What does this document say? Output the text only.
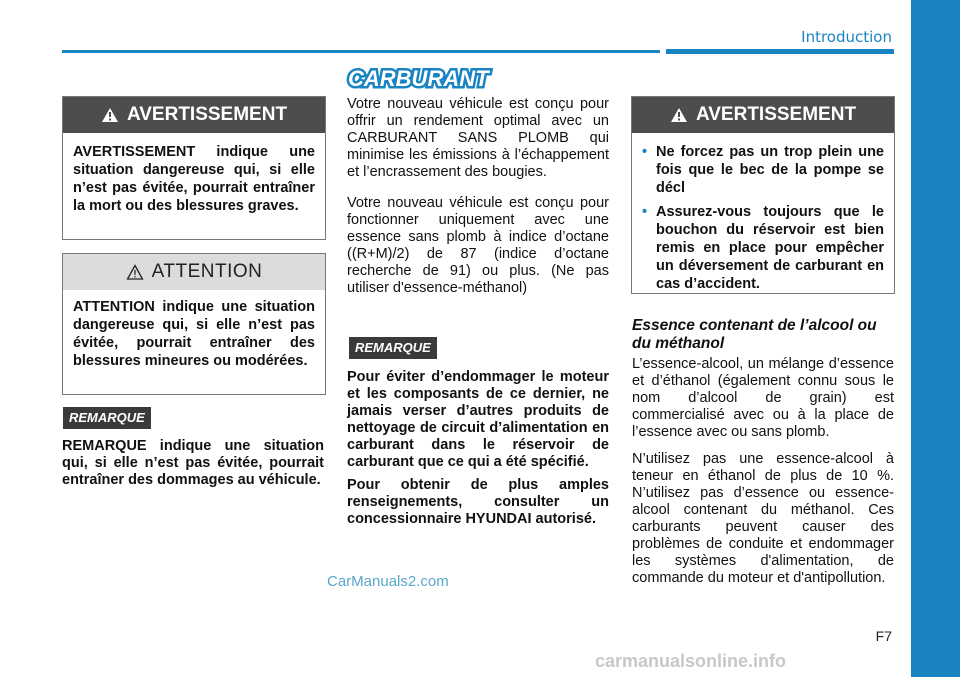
Introduction
CARBURANT
AVERTISSEMENT
AVERTISSEMENT indique une situation dangereuse qui, si elle n’est pas évitée, pourrait entraîner la mort ou des blessures graves.
ATTENTION
ATTENTION indique une situation dangereuse qui, si elle n’est pas évitée, pourrait entraîner des blessures mineures ou modérées.
REMARQUE
REMARQUE indique une situation qui, si elle n’est pas évitée, pourrait entraîner des dommages au véhicule.

Votre nouveau véhicule est conçu pour offrir un rendement optimal avec un CARBURANT SANS PLOMB qui minimise les émissions à l’échappement et l’encrassement des bougies.

Votre nouveau véhicule est conçu pour fonctionner uniquement avec une essence sans plomb à indice d’octane ((R+M)/2) de 87 (indice d’octane recherche de 91) ou plus. (Ne pas utiliser d'essence-méthanol)

REMARQUE

Pour éviter d’endommager le moteur et les composants de ce dernier, ne jamais verser d’autres produits de nettoyage de circuit d’alimentation en carburant dans le réservoir de carburant que ce qui a été spécifié.

Pour obtenir de plus amples renseignements, consulter un concessionnaire HYUNDAI autorisé.

AVERTISSEMENT
• Ne forcez pas un trop plein une fois que le bec de la pompe se décl
• Assurez-vous toujours que le bouchon du réservoir est bien remis en place pour empêcher un déversement de carburant en cas d’accident.
Essence contenant de l’alcool ou du méthanol

L’essence-alcool, un mélange d’essence et d’éthanol (également connu sous le nom d’alcool de grain) est commercialisé avec ou à la place de l’essence avec ou sans plomb.

N’utilisez pas une essence-alcool à teneur en éthanol de plus de 10 %. N’utilisez pas d’essence ou essence-alcool contenant du méthanol. Ces carburants peuvent causer des problèmes de conduite et endommager les systèmes d'alimentation, de commande du moteur et d'antipollution.

CarManuals2.com
carmanualsonline.info
F7
